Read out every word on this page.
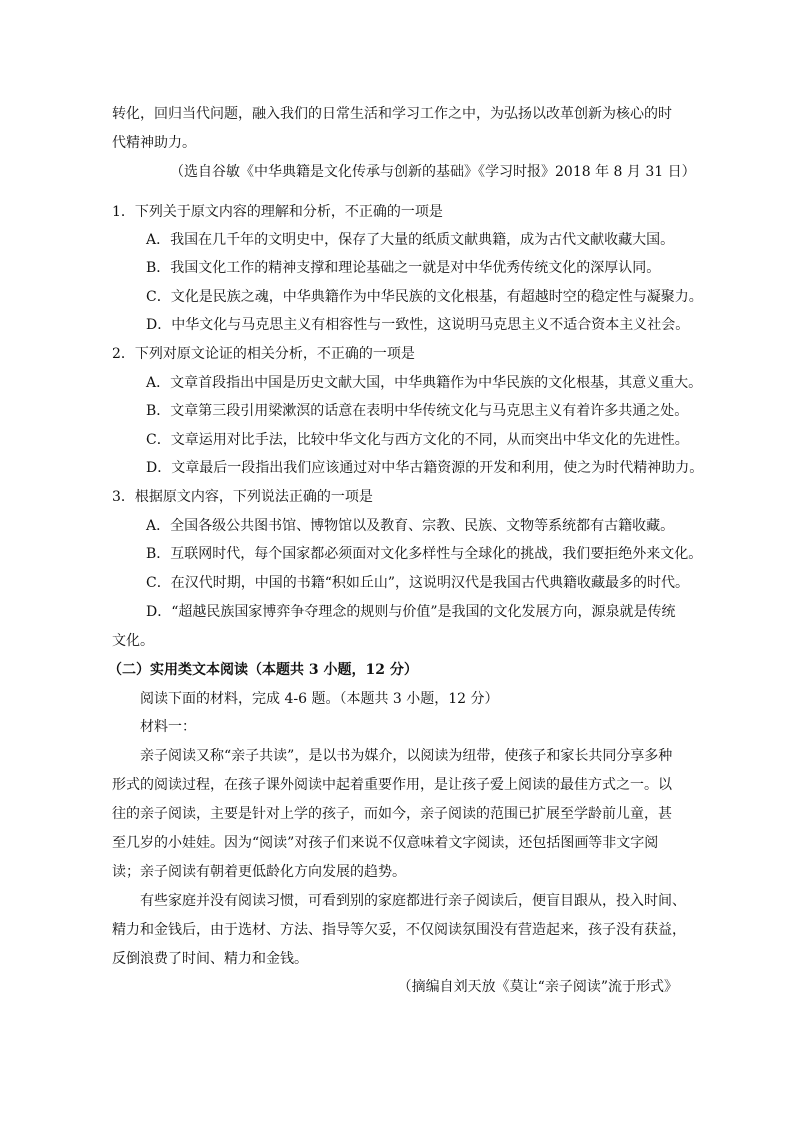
转化，回归当代问题，融入我们的日常生活和学习工作之中，为弘扬以改革创新为核心的时
代精神助力。
（选自谷敏《中华典籍是文化传承与创新的基础》《学习时报》2018 年 8 月 31 日）
1．下列关于原文内容的理解和分析，不正确的一项是
A．我国在几千年的文明史中，保存了大量的纸质文献典籍，成为古代文献收藏大国。
B．我国文化工作的精神支撑和理论基础之一就是对中华优秀传统文化的深厚认同。
C．文化是民族之魂，中华典籍作为中华民族的文化根基，有超越时空的稳定性与凝聚力。
D．中华文化与马克思主义有相容性与一致性，这说明马克思主义不适合资本主义社会。
2．下列对原文论证的相关分析，不正确的一项是
A．文章首段指出中国是历史文献大国，中华典籍作为中华民族的文化根基，其意义重大。
B．文章第三段引用梁漱溟的话意在表明中华传统文化与马克思主义有着许多共通之处。
C．文章运用对比手法，比较中华文化与西方文化的不同，从而突出中华文化的先进性。
D．文章最后一段指出我们应该通过对中华古籍资源的开发和利用，使之为时代精神助力。
3．根据原文内容，下列说法正确的一项是
A．全国各级公共图书馆、博物馆以及教育、宗教、民族、文物等系统都有古籍收藏。
B．互联网时代，每个国家都必须面对文化多样性与全球化的挑战，我们要拒绝外来文化。
C．在汉代时期，中国的书籍“积如丘山”，这说明汉代是我国古代典籍收藏最多的时代。
D．“超越民族国家博弈争夺理念的规则与价值”是我国的文化发展方向，源泉就是传统
文化。
（二）实用类文本阅读（本题共 3 小题，12 分）
阅读下面的材料，完成 4-6 题。（本题共 3 小题，12 分）
材料一：
亲子阅读又称“亲子共读”，是以书为媒介，以阅读为纽带，使孩子和家长共同分享多种
形式的阅读过程，在孩子课外阅读中起着重要作用，是让孩子爱上阅读的最佳方式之一。以
往的亲子阅读，主要是针对上学的孩子，而如今，亲子阅读的范围已扩展至学龄前儿童，甚
至几岁的小娃娃。因为“阅读”对孩子们来说不仅意味着文字阅读，还包括图画等非文字阅
读；亲子阅读有朝着更低龄化方向发展的趋势。
有些家庭并没有阅读习惯，可看到别的家庭都进行亲子阅读后，便盲目跟从，投入时间、
精力和金钱后，由于选材、方法、指导等欠妥，不仅阅读氛围没有营造起来，孩子没有获益，
反倒浪费了时间、精力和金钱。
（摘编自刘天放《莫让“亲子阅读”流于形式》
